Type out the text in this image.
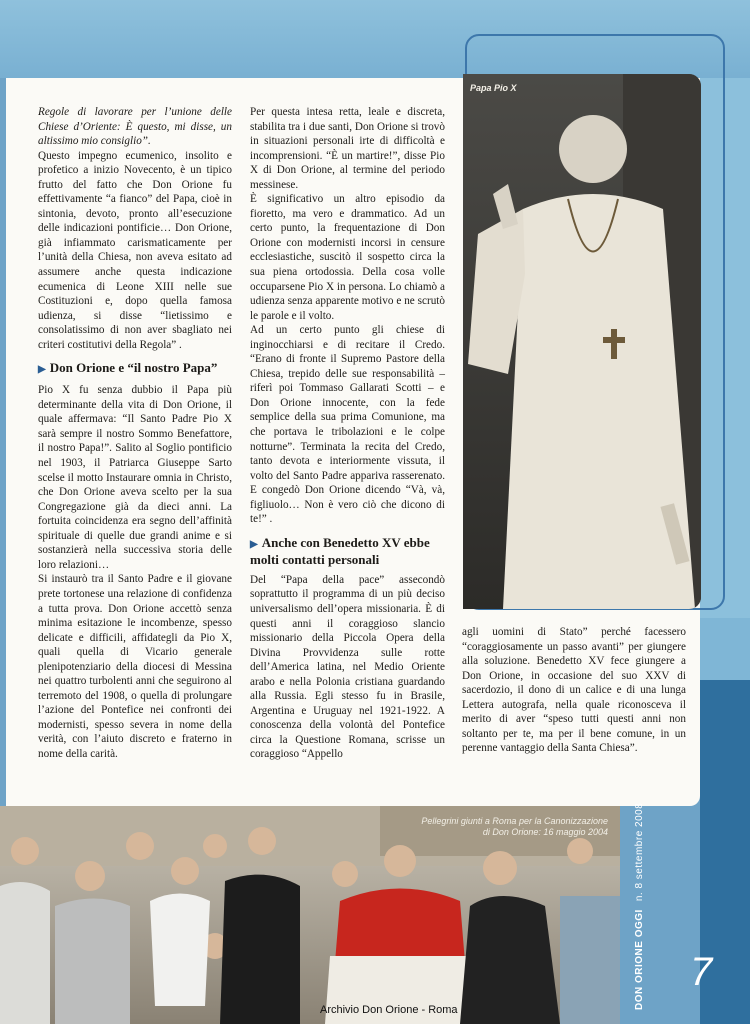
Papa Pio X

Regole di lavorare per l’unione delle Chiese d’Oriente: È questo, mi disse, un altissimo mio consiglio”.

Questo impegno ecumenico, insolito e profetico a inizio Novecento, è un tipico frutto del fatto che Don Orione fu effettivamente “a fianco” del Papa, cioè in sintonia, devoto, pronto all’esecuzione delle indicazioni pontificie… Don Orione, già infiammato carismaticamente per l’unità della Chiesa, non aveva esitato ad assumere anche questa indicazione ecumenica di Leone XIII nelle sue Costituzioni e, dopo quella famosa udienza, si disse “lietissimo e consolatissimo di non aver sbagliato nei criteri costitutivi della Regola” .

▶ Don Orione e “il nostro Papa”

Pio X fu senza dubbio il Papa più determinante della vita di Don Orione, il quale affermava: “Il Santo Padre Pio X sarà sempre il nostro Sommo Benefattore, il nostro Papa!”. Salito al Soglio pontificio nel 1903, il Patriarca Giuseppe Sarto scelse il motto Instaurare omnia in Christo, che Don Orione aveva scelto per la sua Congregazione già da dieci anni. La fortuita coincidenza era segno dell’affinità spirituale di quelle due grandi anime e si sostanzierà nella successiva storia delle loro relazioni…

Si instaurò tra il Santo Padre e il giovane prete tortonese una relazione di confidenza a tutta prova. Don Orione accettò senza minima esitazione le incombenze, spesso delicate e difficili, affidategli da Pio X, quali quella di Vicario generale plenipotenziario della diocesi di Messina nei quattro turbolenti anni che seguirono al terremoto del 1908, o quella di prolungare l’azione del Pontefice nei confronti dei modernisti, spesso severa in nome della verità, con l’aiuto discreto e fraterno in nome della carità.

Per questa intesa retta, leale e discreta, stabilita tra i due santi, Don Orione si trovò in situazioni personali irte di difficoltà e incomprensioni. “È un martire!”, disse Pio X di Don Orione, al termine del periodo messinese.

È significativo un altro episodio da fioretto, ma vero e drammatico. Ad un certo punto, la frequentazione di Don Orione con modernisti incorsi in censure ecclesiastiche, suscitò il sospetto circa la sua piena ortodossia. Della cosa volle occuparsene Pio X in persona. Lo chiamò a udienza senza apparente motivo e ne scrutò le parole e il volto.

Ad un certo punto gli chiese di inginocchiarsi e di recitare il Credo. “Erano di fronte il Supremo Pastore della Chiesa, trepido delle sue responsabilità – riferì poi Tommaso Gallarati Scotti – e Don Orione innocente, con la fede semplice della sua prima Comunione, ma che portava le tribolazioni e le colpe notturne”. Terminata la recita del Credo, tanto devota e interiormente vissuta, il volto del Santo Padre appariva rasserenato. E congedò Don Orione dicendo “Và, và, figliuolo… Non è vero ciò che dicono di te!” .

▶ Anche con Benedetto XV ebbe molti contatti personali

Del “Papa della pace” assecondò soprattutto il programma di un più deciso universalismo dell’opera missionaria. È di questi anni il coraggioso slancio missionario della Piccola Opera della Divina Provvidenza sulle rotte dell’America latina, nel Medio Oriente arabo e nella Polonia cristiana guardando alla Russia. Egli stesso fu in Brasile, Argentina e Uruguay nel 1921-1922. A conoscenza della volontà del Pontefice circa la Questione Romana, scrisse un coraggioso “Appello

agli uomini di Stato” perché facessero “coraggiosamente un passo avanti” per giungere alla soluzione. Benedetto XV fece giungere a Don Orione, in occasione del suo XXV di sacerdozio, il dono di un calice e di una lunga Lettera autografa, nella quale riconosceva il merito di aver “speso tutti questi anni non soltanto per te, ma per il bene comune, in un perenne vantaggio della Santa Chiesa”.

Pellegrini giunti a Roma per la Canonizzazione
di Don Orione: 16 maggio 2004
Archivio Don Orione - Roma	DON ORIONE OGGIn. 8 settembre 2008
7
